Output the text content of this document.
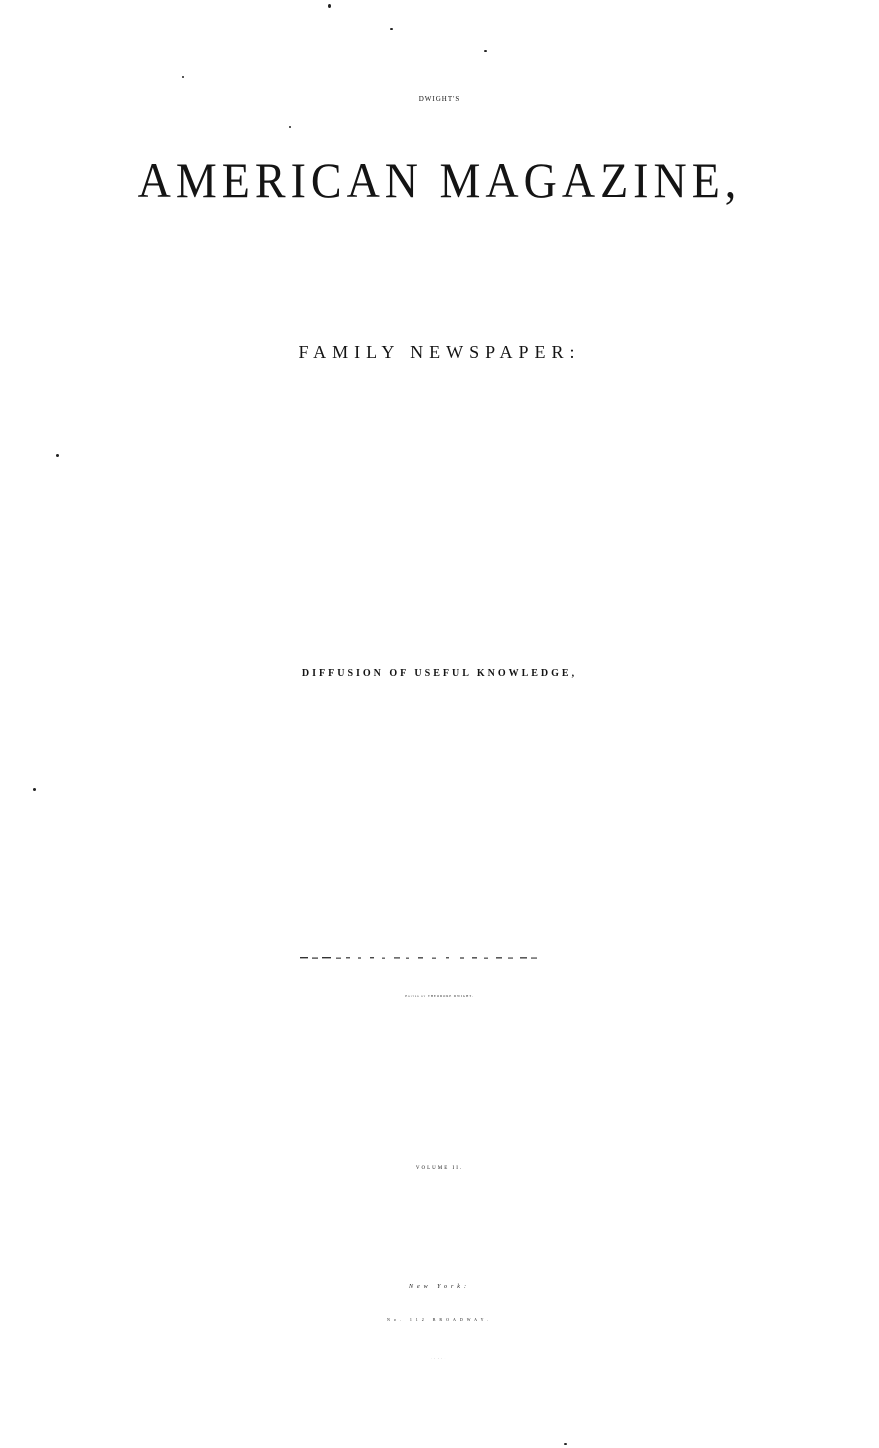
DWIGHT'S
AMERICAN MAGAZINE,
FAMILY NEWSPAPER:
DIFFUSION OF USEFUL KNOWLEDGE,
EDITED BY THEODORE DWIGHT.
VOLUME II.
New York:
No. 112 BROADWAY.
1846.
